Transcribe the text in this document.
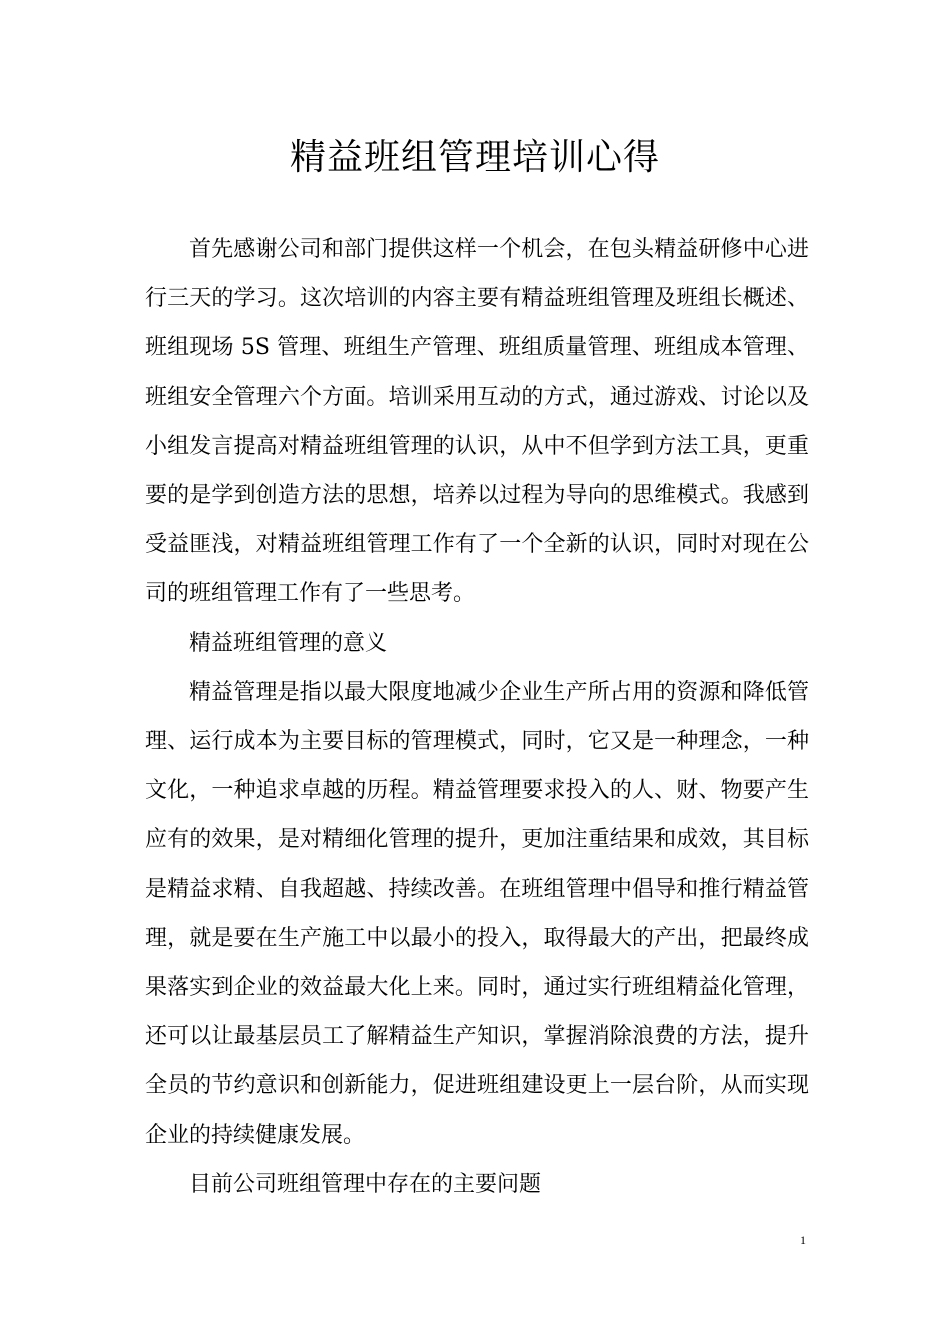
精益班组管理培训心得

首先感谢公司和部门提供这样一个机会，在包头精益研修中心进行三天的学习。这次培训的内容主要有精益班组管理及班组长概述、班组现场 5S 管理、班组生产管理、班组质量管理、班组成本管理、班组安全管理六个方面。培训采用互动的方式，通过游戏、讨论以及小组发言提高对精益班组管理的认识，从中不但学到方法工具，更重要的是学到创造方法的思想，培养以过程为导向的思维模式。我感到受益匪浅，对精益班组管理工作有了一个全新的认识，同时对现在公司的班组管理工作有了一些思考。

精益班组管理的意义

精益管理是指以最大限度地减少企业生产所占用的资源和降低管理、运行成本为主要目标的管理模式，同时，它又是一种理念，一种文化，一种追求卓越的历程。精益管理要求投入的人、财、物要产生应有的效果，是对精细化管理的提升，更加注重结果和成效，其目标是精益求精、自我超越、持续改善。在班组管理中倡导和推行精益管理，就是要在生产施工中以最小的投入，取得最大的产出，把最终成果落实到企业的效益最大化上来。同时，通过实行班组精益化管理，还可以让最基层员工了解精益生产知识，掌握消除浪费的方法，提升全员的节约意识和创新能力，促进班组建设更上一层台阶，从而实现企业的持续健康发展。

目前公司班组管理中存在的主要问题

1
